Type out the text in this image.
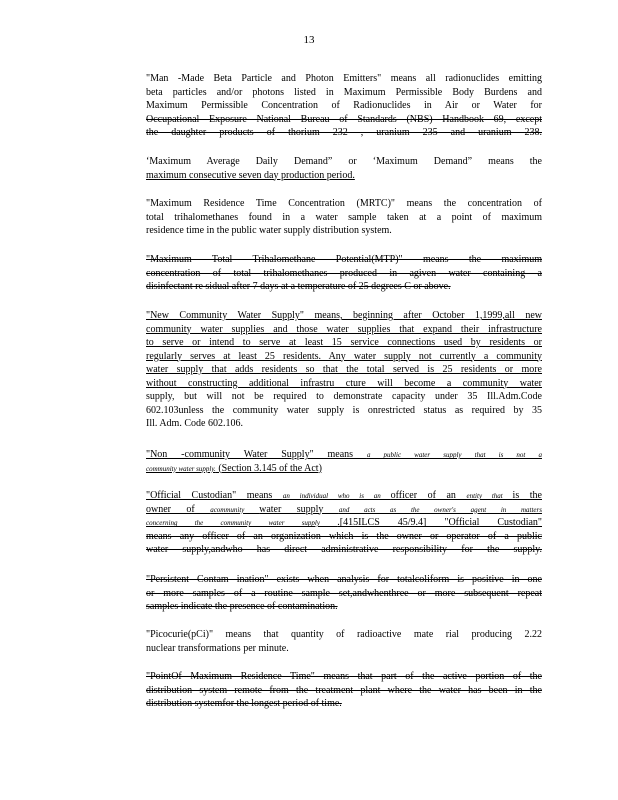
13
"Man -Made Beta Particle and Photon Emitters" means all radionuclides emitting
beta particles and/or photons listed in Maximum Permissible Body Burdens and
Maximum Permissible Concentration of Radionuclides in Air or Water for
Occupational Exposure National Bureau of Standards (NBS) Handbook 69, except
the daughter products of thorium 232 , uranium 235 and uranium 238.
‘Maximum Average Daily Demand” or ‘Maximum Demand” means the
maximum consecutive seven day production period.
"Maximum Residence Time Concentration (MRTC)" means the concentration of
total trihalomethanes found in a water sample taken at a point of maximum
residence time in the public water supply distribution system.
"Maximum Total Trihalomethane Potential(MTP)" means the maximum
concentration of total trihalomethanes produced in agiven water containing a
disinfectant re sidual after 7 days at a temperature of 25 degrees C or above.
"New Community Water Supply" means, beginning after October 1,1999,all new
community water supplies and those water supplies that expand their infrastructure
to serve or intend to serve at least 15 service connections used by residents or
regularly serves at least 25 residents. Any water supply not currently a community
water supply that adds residents so that the total served is 25 residents or more
without constructing additional infrastru cture will become a community water
supply, but will not be required to demonstrate capacity under 35 Ill.Adm.Code
602.103unless the community water supply is onrestricted status as required by 35
Ill. Adm. Code 602.106.
"Non -community Water Supply" means a public water supply that is not a
community water supply. (Section 3.145 of the Act)
"Official Custodian" means an individual who is an officer of an entity that is the
owner of acommunity water supply and acts as the owner's agent in matters
concerning the community water supply .[415ILCS 45/9.4] "Official Custodian"
means any officer of an organization which is the owner or operator of a public
water supply,andwho has direct administrative responsibility for the supply.
"Persistent Contam ination" exists when analysis for totalcoliform is positive in one
or more samples of a routine sample set,andwhenthree or more subsequent repeat
samples indicate the presence of contamination.
"Picocurie(pCi)" means that quantity of radioactive mate rial producing 2.22
nuclear transformations per minute.
"PointOf Maximum Residence Time" means that part of the active portion of the
distribution system remote from the treatment plant where the water has been in the
distribution systemfor the longest period of time.
